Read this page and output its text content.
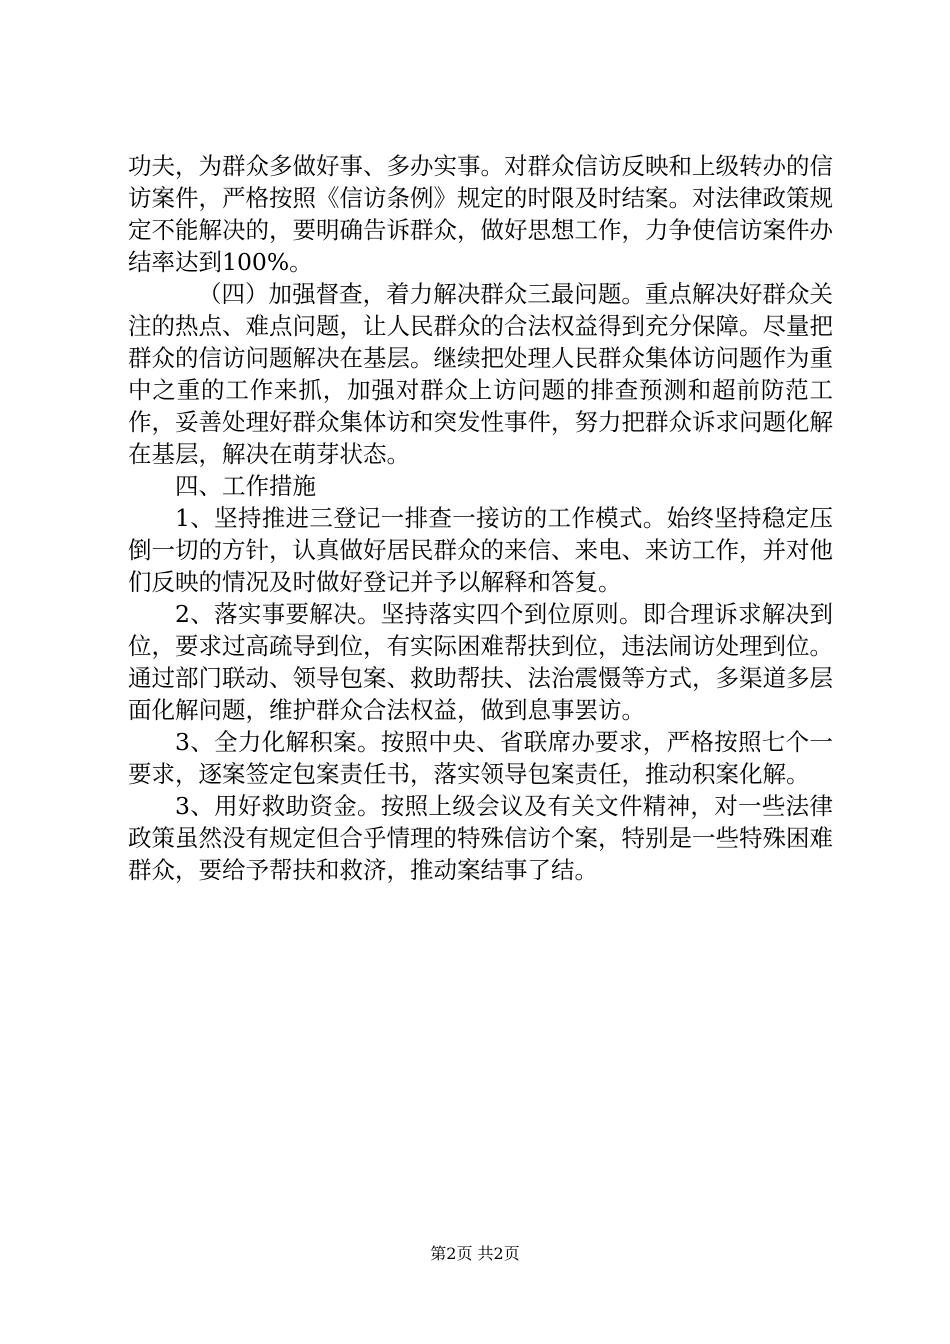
功夫，为群众多做好事、多办实事。对群众信访反映和上级转办的信访案件，严格按照《信访条例》规定的时限及时结案。对法律政策规定不能解决的，要明确告诉群众，做好思想工作，力争使信访案件办结率达到100%。

（四）加强督查，着力解决群众三最问题。重点解决好群众关注的热点、难点问题，让人民群众的合法权益得到充分保障。尽量把群众的信访问题解决在基层。继续把处理人民群众集体访问题作为重中之重的工作来抓，加强对群众上访问题的排查预测和超前防范工作，妥善处理好群众集体访和突发性事件，努力把群众诉求问题化解在基层，解决在萌芽状态。

四、工作措施

1、坚持推进三登记一排查一接访的工作模式。始终坚持稳定压倒一切的方针，认真做好居民群众的来信、来电、来访工作，并对他们反映的情况及时做好登记并予以解释和答复。

2、落实事要解决。坚持落实四个到位原则。即合理诉求解决到位，要求过高疏导到位，有实际困难帮扶到位，违法闹访处理到位。通过部门联动、领导包案、救助帮扶、法治震慑等方式，多渠道多层面化解问题，维护群众合法权益，做到息事罢访。

3、全力化解积案。按照中央、省联席办要求，严格按照七个一要求，逐案签定包案责任书，落实领导包案责任，推动积案化解。

3、用好救助资金。按照上级会议及有关文件精神，对一些法律政策虽然没有规定但合乎情理的特殊信访个案，特别是一些特殊困难群众，要给予帮扶和救济，推动案结事了结。

第2页 共2页
